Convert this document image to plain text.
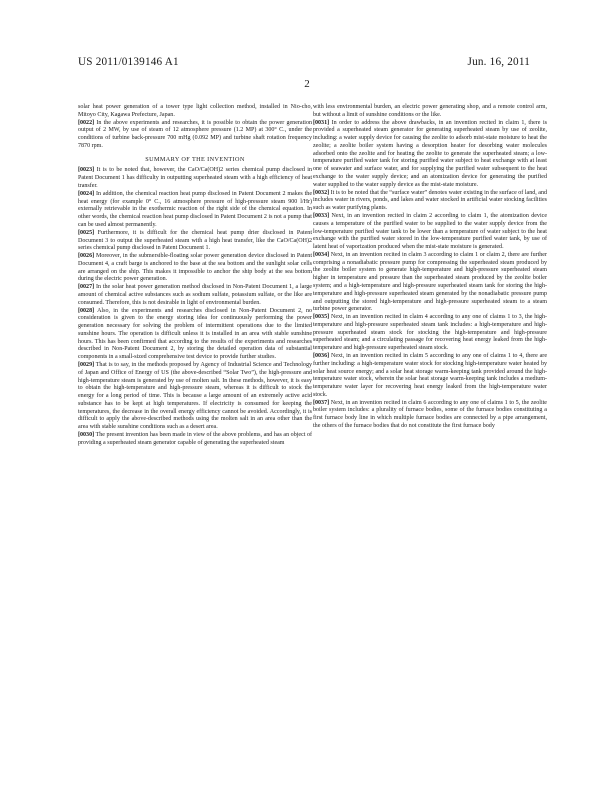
US 2011/0139146 A1	Jun. 16, 2011
2

solar heat power generation of a tower type light collection method, installed in Nio-cho, Mitoyo City, Kagawa Prefecture, Japan.

[0022] In the above experiments and researches, it is possible to obtain the power generation output of 2 MW, by use of steam of 12 atmosphere pressure (1.2 MP) at 300° C., under the conditions of turbine back-pressure 700 mHg (0.092 MP) and turbine shaft rotation frequency 7870 rpm.

SUMMARY OF THE INVENTION

[0023] It is to be noted that, however, the CaO/Ca(OH)2 series chemical pump disclosed in Patent Document 1 has difficulty in outputting superheated steam with a high efficiency of heat transfer.

[0024] In addition, the chemical reaction heat pump disclosed in Patent Document 2 makes the heat energy (for example 0° C., 16 atmosphere pressure of high-pressure steam 900 l/Hr) externally retrievable in the exothermic reaction of the right side of the chemical equation. In other words, the chemical reaction heat pump disclosed in Patent Document 2 is not a pump that can be used almost permanently.

[0025] Furthermore, it is difficult for the chemical heat pump drier disclosed in Patent Document 3 to output the superheated steam with a high heat transfer, like the CaO/Ca(OH)2 series chemical pump disclosed in Patent Document 1.

[0026] Moreover, in the submersible-floating solar power generation device disclosed in Patent Document 4, a craft barge is anchored to the base at the sea bottom and the sunlight solar cells are arranged on the ship. This makes it impossible to anchor the ship body at the sea bottom during the electric power generation.

[0027] In the solar heat power generation method disclosed in Non-Patent Document 1, a large amount of chemical active substances such as sodium sulfate, potassium sulfate, or the like are consumed. Therefore, this is not desirable in light of environmental burden.

[0028] Also, in the experiments and researches disclosed in Non-Patent Document 2, no consideration is given to the energy storing idea for continuously performing the power generation necessary for solving the problem of intermittent operations due to the limited sunshine hours. The operation is difficult unless it is installed in an area with stable sunshine hours. This has been confirmed that according to the results of the experiments and researches described in Non-Patent Document 2, by storing the detailed operation data of substantial components in a small-sized comprehensive test device to provide further studies.

[0029] That is to say, in the methods proposed by Agency of Industrial Science and Technology of Japan and Office of Energy of US (the above-described “Solar Two”), the high-pressure and high-temperature steam is generated by use of molten salt. In these methods, however, it is easy to obtain the high-temperature and high-pressure steam, whereas it is difficult to stock the energy for a long period of time. This is because a large amount of an extremely active acid substance has to be kept at high temperatures. If electricity is consumed for keeping the temperatures, the decrease in the overall energy efficiency cannot be avoided. Accordingly, it is difficult to apply the above-described methods using the molten salt in an area other than the area with stable sunshine conditions such as a desert area.

[0030] The present invention has been made in view of the above problems, and has an object of providing a superheated steam generator capable of generating the superheated steam

with less environmental burden, an electric power generating shop, and a remote control arm, but without a limit of sunshine conditions or the like.

[0031] In order to address the above drawbacks, in an invention recited in claim 1, there is provided a superheated steam generator for generating superheated steam by use of zeolite, including: a water supply device for causing the zeolite to adsorb mist-state moisture to heat the zeolite; a zeolite boiler system having a desorption heater for desorbing water molecules adsorbed onto the zeolite and for heating the zeolite to generate the superheated steam; a low-temperature purified water tank for storing purified water subject to heat exchange with at least one of seawater and surface water, and for supplying the purified water subsequent to the heat exchange to the water supply device; and an atomization device for generating the purified water supplied to the water supply device as the mist-state moisture.

[0032] It is to be noted that the “surface water” denotes water existing in the surface of land, and includes water in rivers, ponds, and lakes and water stocked in artificial water stocking facilities such as water purifying plants.

[0033] Next, in an invention recited in claim 2 according to claim 1, the atomization device causes a temperature of the purified water to be supplied to the water supply device from the low-temperature purified water tank to be lower than a temperature of water subject to the heat exchange with the purified water stored in the low-temperature purified water tank, by use of latent heat of vaporization produced when the mist-state moisture is generated.

[0034] Next, in an invention recited in claim 3 according to claim 1 or claim 2, there are further comprising a nonadiabatic pressure pump for compressing the superheated steam produced by the zeolite boiler system to generate high-temperature and high-pressure superheated steam higher in temperature and pressure than the superheated steam produced by the zeolite boiler system; and a high-temperature and high-pressure superheated steam tank for storing the high-temperature and high-pressure superheated steam generated by the nonadiabatic pressure pump and outputting the stored high-temperature and high-pressure superheated steam to a steam turbine power generator.

[0035] Next, in an invention recited in claim 4 according to any one of claims 1 to 3, the high-temperature and high-pressure superheated steam tank includes: a high-temperature and high-pressure superheated steam stock for stocking the high-temperature and high-pressure superheated steam; and a circulating passage for recovering heat energy leaked from the high-temperature and high-pressure superheated steam stock.

[0036] Next, in an invention recited in claim 5 according to any one of claims 1 to 4, there are further including: a high-temperature water stock for stocking high-temperature water heated by solar heat source energy; and a solar heat storage warm-keeping tank provided around the high-temperature water stock, wherein the solar heat storage warm-keeping tank includes a medium-temperature water layer for recovering heat energy leaked from the high-temperature water stock.

[0037] Next, in an invention recited in claim 6 according to any one of claims 1 to 5, the zeolite boiler system includes: a plurality of furnace bodies, some of the furnace bodies constituting a first furnace body line in which multiple furnace bodies are connected by a pipe arrangement, the others of the furnace bodies that do not constitute the first furnace body
